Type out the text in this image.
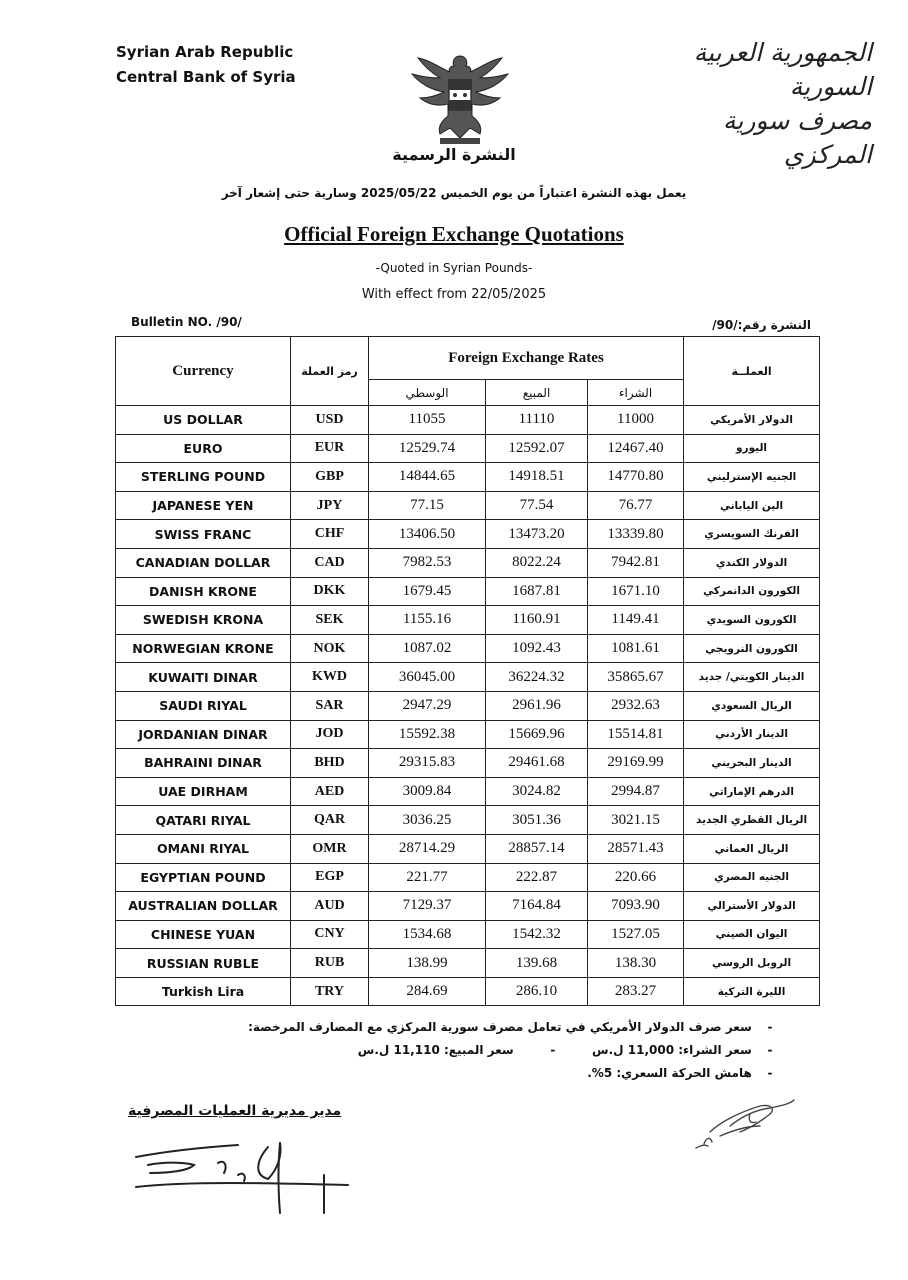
Syrian Arab Republic
Central Bank of Syria
الجمهورية العربية السورية
مصرف سورية المركزي
النشرة الرسمية
يعمل بهذه النشرة اعتباراً من يوم الخميس 2025/05/22 وسارية حتى إشعار آخر
Official Foreign Exchange Quotations
-Quoted in Syrian Pounds-
With effect from 22/05/2025
Bulletin NO. /90/	النشرة رقم:/90/
Currency	رمز العملة	Foreign Exchange Rates			العملــة
		الوسطي	المبيع	الشراء	
US DOLLAR	USD	11055	11110	11000	الدولار الأمريكي
EURO	EUR	12529.74	12592.07	12467.40	اليورو
STERLING POUND	GBP	14844.65	14918.51	14770.80	الجنيه الإسترليني
JAPANESE YEN	JPY	77.15	77.54	76.77	الين الياباني
SWISS FRANC	CHF	13406.50	13473.20	13339.80	الفرنك السويسري
CANADIAN DOLLAR	CAD	7982.53	8022.24	7942.81	الدولار الكندي
DANISH KRONE	DKK	1679.45	1687.81	1671.10	الكورون الدانمركي
SWEDISH KRONA	SEK	1155.16	1160.91	1149.41	الكورون السويدي
NORWEGIAN KRONE	NOK	1087.02	1092.43	1081.61	الكورون النرويجي
KUWAITI DINAR	KWD	36045.00	36224.32	35865.67	الدينار الكويتي/ جديد
SAUDI RIYAL	SAR	2947.29	2961.96	2932.63	الريال السعودي
JORDANIAN DINAR	JOD	15592.38	15669.96	15514.81	الدينار الأردني
BAHRAINI DINAR	BHD	29315.83	29461.68	29169.99	الدينار البحريني
UAE DIRHAM	AED	3009.84	3024.82	2994.87	الدرهم الإماراتي
QATARI RIYAL	QAR	3036.25	3051.36	3021.15	الريال القطري الجديد
OMANI RIYAL	OMR	28714.29	28857.14	28571.43	الريال العماني
EGYPTIAN POUND	EGP	221.77	222.87	220.66	الجنيه المصري
AUSTRALIAN DOLLAR	AUD	7129.37	7164.84	7093.90	الدولار الأسترالي
CHINESE YUAN	CNY	1534.68	1542.32	1527.05	اليوان الصيني
RUSSIAN RUBLE	RUB	138.99	139.68	138.30	الروبل الروسي
Turkish Lira	TRY	284.69	286.10	283.27	الليرة التركية
- سعر صرف الدولار الأمريكي في تعامل مصرف سورية المركزي مع المصارف المرخصة:
- سعر الشراء: 11,000 ل.س - سعر المبيع: 11,110 ل.س
- هامش الحركة السعري: 5%.
مدير مديرية العمليات المصرفية
